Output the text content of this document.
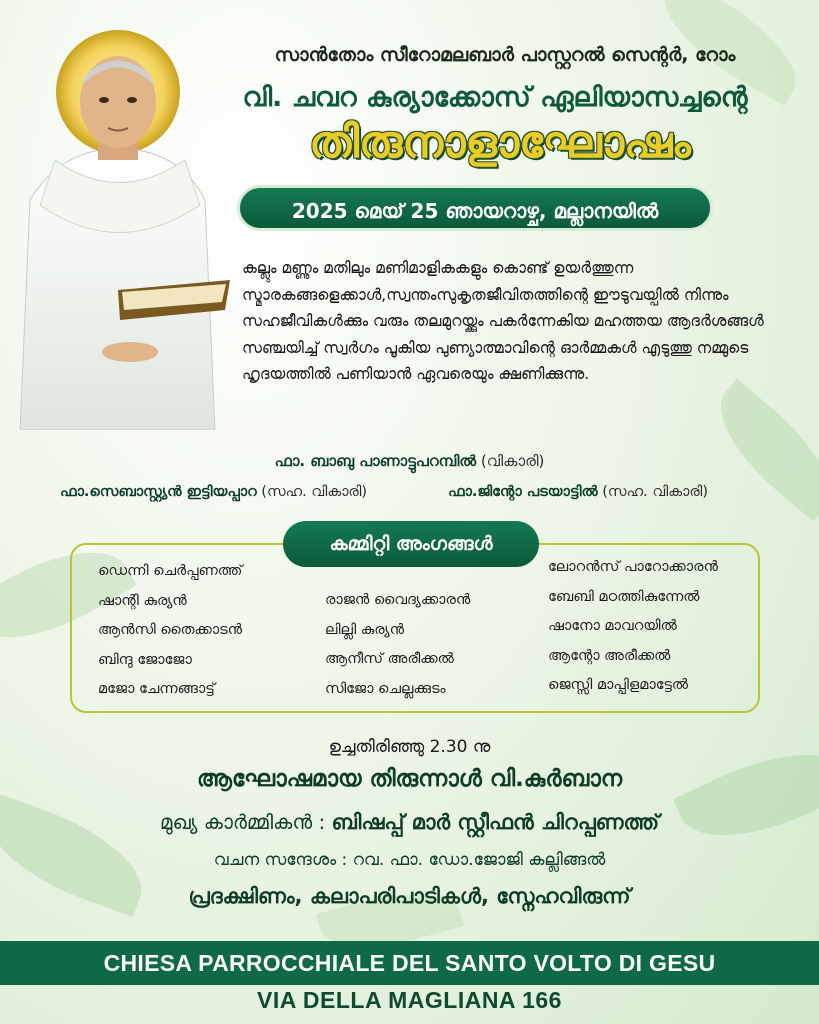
സാൻതോം സീറോമലബാർ പാസ്റ്ററൽ സെന്റർ, റോം
വി. ചവറ കുര്യാക്കോസ് ഏലിയാസച്ചന്റെ
തിരുനാളാഘോഷം
2025 മെയ് 25 ഞായറാഴ്ച, മല്ലാനയിൽ
കല്ലും മണ്ണും മതിലും മണിമാളികകളും കൊണ്ട് ഉയർത്തുന്ന സ്മാരകങ്ങളെക്കാൾ,സ്വന്തംസുകൃതജീവിതത്തിന്റെ ഈടുവയ്പിൽ നിന്നും സഹജീവികൾക്കും വരും തലമുറയ്ക്കും പകർന്നേകിയ മഹത്തയ ആദർശങ്ങൾ സഞ്ചയിച്ച് സ്വർഗം പൂകിയ പുണ്യാത്മാവിന്റെ ഓർമ്മകൾ എടുത്തു നമ്മുടെ ഹൃദയത്തിൽ പണിയാൻ ഏവരെയും ക്ഷണിക്കുന്നു.
ഫാ. ബാബു പാണാട്ടുപറമ്പിൽ (വികാരി)
ഫാ.സെബാസ്റ്റ്യൻ ഇട്ടിയപ്പാറ (സഹ. വികാരി)	ഫാ.ജിന്റോ പടയാട്ടിൽ (സഹ. വികാരി)
കമ്മിറ്റി അംഗങ്ങൾ
ഡെന്നി ചെർപ്പണത്ത്
ഷാന്റി കുര്യൻ
ആൻസി തൈക്കാടൻ
ബിന്ദു ജോജോ
മജോ ചേന്നങ്ങാട്ട്
രാജൻ വൈദ്യക്കാരൻ
ലില്ലി കുര്യൻ
ആനീസ് അരീക്കൽ
സിജോ ചെല്ലക്കുടം
ലോറൻസ് പാറോക്കാരൻ
ബേബി മഠത്തികുന്നേൽ
ഷാനോ മാവറയിൽ
ആന്റോ അരീക്കൽ
ജെസ്സി മാപ്പിളമാട്ടേൽ
ഉച്ചതിരിഞ്ഞു 2.30 നു
ആഘോഷമായ തിരുന്നാൾ വി.കുർബാന
മുഖ്യ കാർമ്മികൻ : ബിഷപ്പ് മാർ സ്റ്റീഫൻ ചിറപ്പണത്ത്
വചന സന്ദേശം : റവ. ഫാ. ഡോ.ജോജി കല്ലിങ്ങൽ
പ്രദക്ഷിണം, കലാപരിപാടികൾ, സ്നേഹവിരുന്ന്
CHIESA PARROCCHIALE DEL SANTO VOLTO DI GESU
VIA DELLA MAGLIANA 166
